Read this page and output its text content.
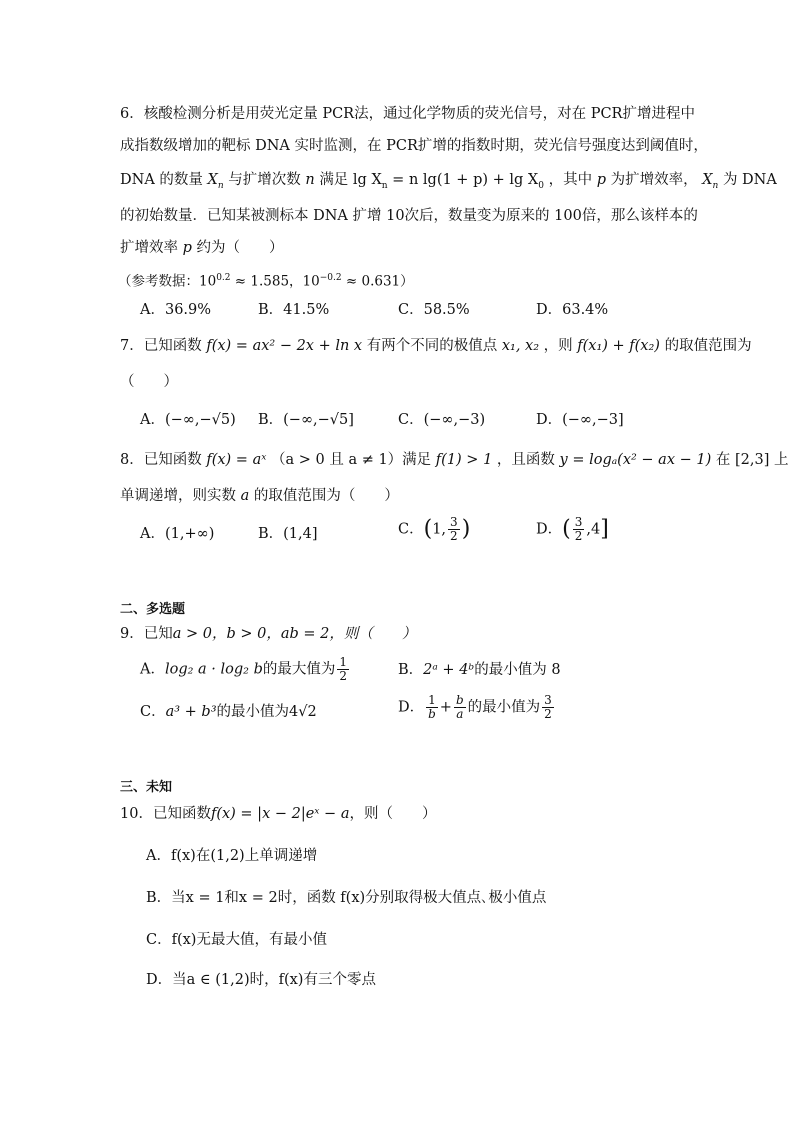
6．核酸检测分析是用荧光定量 PCR法，通过化学物质的荧光信号，对在 PCR扩增进程中
成指数级增加的靶标 DNA 实时监测，在 PCR扩增的指数时期，荧光信号强度达到阈值时，
DNA 的数量 $X_n$ 与扩增次数 n 满足 $\lg X_n = n$ $\lg(1 + p) + \lg X_0$ ，其中 p 为扩增效率， $X_n$ 为 DNA
的初始数量．已知某被测标本 DNA 扩增 10次后，数量变为原来的 100倍，那么该样本的
扩增效率 p 约为（　　）
（参考数据：$10^{0.2} \approx 1.585$，$10^{-0.2} \approx 0.631$）
A．36.9%	B．41.5%	C．58.5%	D．63.4%
7．已知函数 f(x) = ax² − 2x + ln x 有两个不同的极值点 x₁, x₂ ，则 f(x₁) + f(x₂) 的取值范围为
（　　）
A．(−∞,−√5) B．(−∞,−√5]	C．(−∞,−3)	D．(−∞,−3]
8．已知函数 f(x) = aˣ （a > 0 且 a ≠ 1）满足 f(1) > 1 ，且函数 y = logₐ(x² − ax − 1) 在 [2,3] 上
单调递增，则实数 a 的取值范围为（　　）
A．(1,+∞)	B．(1,4]	C．(1, $\frac{3}{2}$ )	D．( $\frac{3}{2} ,4$]
二、多选题
9．已知a > 0，b > 0，ab = 2，则（　　）
A．log₂ a · log₂ b的最大值为 $\frac{1}{2}$	B．2ᵃ + 4ᵇ的最小值为 8
C．a³ + b³的最小值为4√2	D． $\frac{1}{b} + \frac{b}{a}$ 的最小值为 $\frac{3}{2}$
三、未知
10．已知函数f(x) = |x − 2|eˣ − a，则（　　）
A．f(x)在(1,2)上单调递增
B．当x = 1和x = 2时，函数 f(x)分别取得极大值点､极小值点
C．f(x)无最大值，有最小值
D．当a ∈ (1,2)时，f(x)有三个零点
